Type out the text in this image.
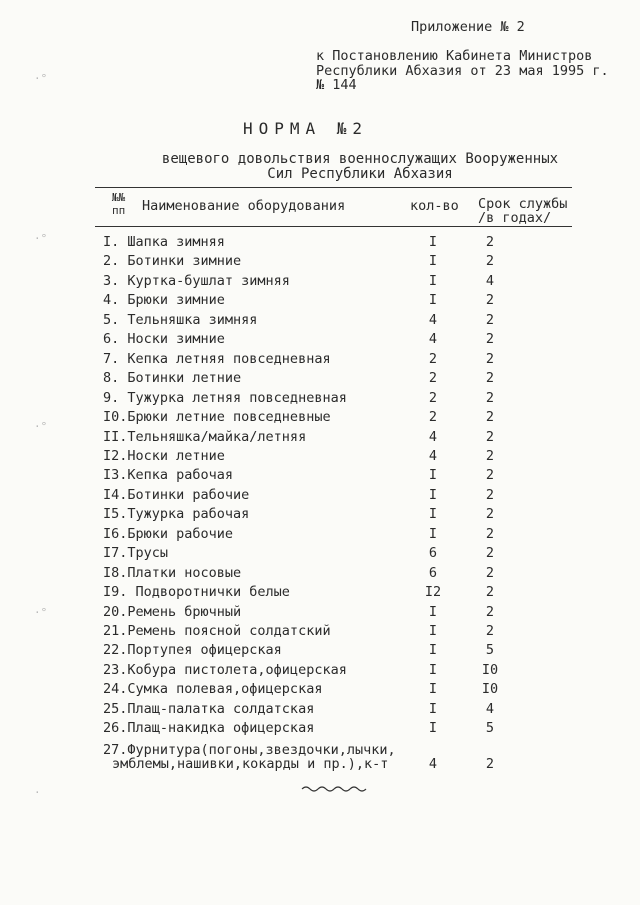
Приложение № 2
к Постановлению Кабинета Министров
Республики Абхазия от 23 мая 1995 г.
№ 144
НОРМА №2
вещевого довольствия военнослужащих Вооруженных
Сил Республики Абхазия
№№
пп Наименование оборудования	кол-во Срок службы
/в годах/
I. Шапка зимняя	I	2
2. Ботинки зимние	I	2
3. Куртка-бушлат зимняя	I	4
4. Брюки зимние	I	2
5. Тельняшка зимняя	4	2
6. Носки зимние	4	2
7. Кепка летняя повседневная	2	2
8. Ботинки летние	2	2
9. Тужурка летняя повседневная	2	2
I0.Брюки летние повседневные	2	2
II.Тельняшка/майка/летняя	4	2
I2.Носки летние	4	2
I3.Кепка рабочая	I	2
I4.Ботинки рабочие	I	2
I5.Тужурка рабочая	I	2
I6.Брюки рабочие	I	2
I7.Трусы	6	2
I8.Платки носовые	6	2
I9. Подворотнички белые	I2	2
20.Ремень брючный	I	2
21.Ремень поясной солдатский	I	2
22.Портупея офицерская	I	5
23.Кобура пистолета,офицерская	I	I0
24.Сумка полевая,офицерская	I	I0
25.Плащ-палатка солдатская	I	4
26.Плащ-накидка офицерская	I	5
27.Фурнитура(погоны,звездочки,лычки,
эмблемы,нашивки,кокарды и пр.),к-т	4	2
⋅°
⋅°
⋅°
⋅°
⋅
